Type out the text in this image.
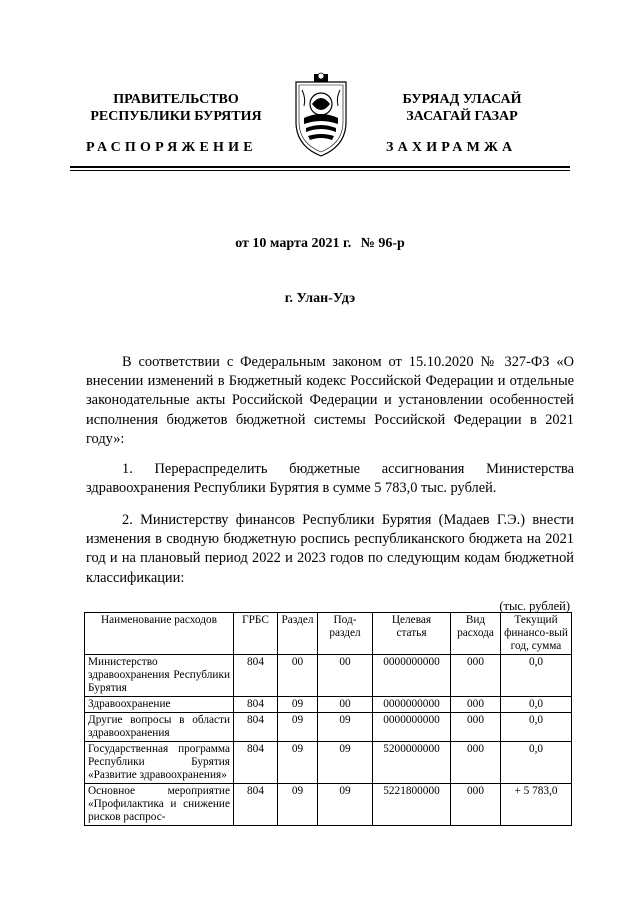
ПРАВИТЕЛЬСТВО
РЕСПУБЛИКИ БУРЯТИЯ
БУРЯАД УЛАСАЙ
ЗАСАГАЙ ГАЗАР
РАСПОРЯЖЕНИЕ	ЗАХИРАМЖА
от 10 марта 2021 г. № 96-р
г. Улан-Удэ

В соответствии с Федеральным законом от 15.10.2020 № 327-ФЗ «О внесении изменений в Бюджетный кодекс Российской Федерации и отдельные законодательные акты Российской Федерации и установлении особенностей исполнения бюджетов бюджетной системы Российской Федерации в 2021 году»:

1. Перераспределить бюджетные ассигнования Министерства здравоохранения Республики Бурятия в сумме 5 783,0 тыс. рублей.

2. Министерству финансов Республики Бурятия (Мадаев Г.Э.) внести изменения в сводную бюджетную роспись республиканского бюджета на 2021 год и на плановый период 2022 и 2023 годов по следующим кодам бюджетной классификации:

(тыс. рублей)
Наименование расходов	ГРБС	Раздел	Под-раздел	Целевая статья	Вид расхода	Текущий финансо-вый год, сумма
Министерство здравоохранения Республики Бурятия	804	00	00	0000000000	000	0,0
Здравоохранение	804	09	00	0000000000	000	0,0
Другие вопросы в области здравоохранения	804	09	09	0000000000	000	0,0
Государственная программа Республики Бурятия «Развитие здравоохранения»	804	09	09	5200000000	000	0,0
Основное мероприятие «Профилактика и снижение рисков распрос-	804	09	09	5221800000	000	+ 5 783,0
